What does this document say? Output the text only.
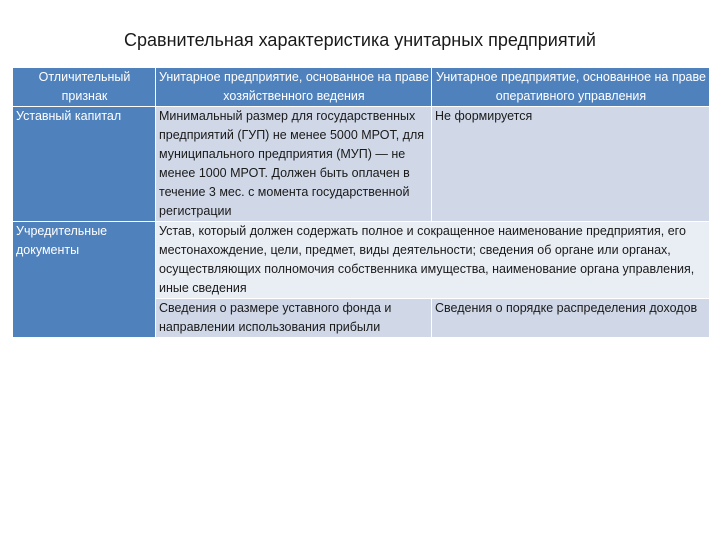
Сравнительная характеристика унитарных предприятий
Отличительный признак	Унитарное предприятие, основанное на праве хозяйственного ведения	Унитарное предприятие, основанное на праве оперативного управления
Уставный капитал	Минимальный размер для государственных предприятий (ГУП) не менее 5000 МРОТ, для муниципального предприятия (МУП) — не менее 1000 МРОТ. Должен быть оплачен в течение 3 мес. с момента государственной регистрации	Не формируется
Учредительные документы	Устав, который должен содержать полное и сокращенное наименование предприятия, его местонахождение, цели, предмет, виды деятельности; сведения об органе или органах, осуществляющих полномочия собственника имущества, наименование органа управления, иные сведения	
	Сведения о размере уставного фонда и направлении использования прибыли	Сведения о порядке распределения доходов
